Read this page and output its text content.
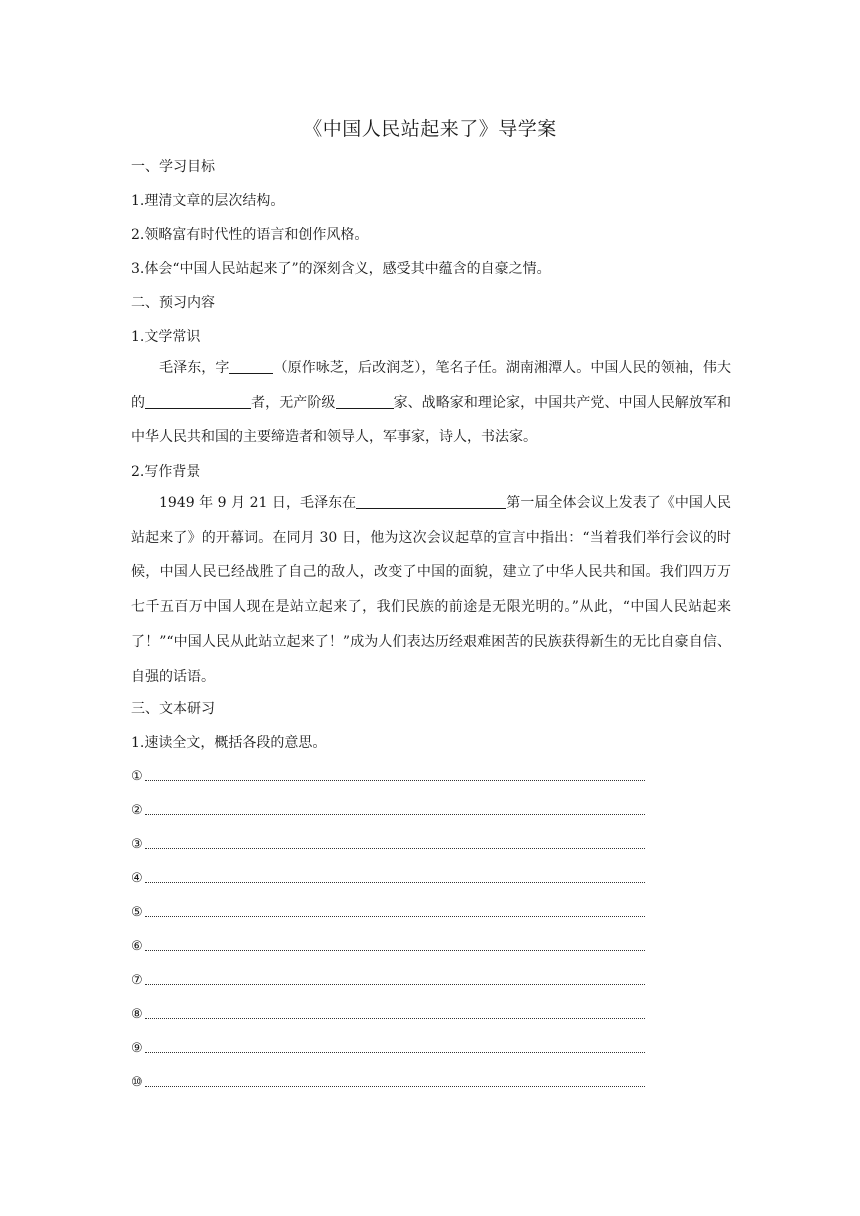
《中国人民站起来了》导学案
一、学习目标
1.理清文章的层次结构。
2.领略富有时代性的语言和创作风格。
3.体会“中国人民站起来了”的深刻含义，感受其中蕴含的自豪之情。
二、预习内容
1.文学常识
毛泽东，字	（原作咏芝，后改润芝），笔名子任。湖南湘潭人。中国人民的领袖，伟大的	者，无产阶级	家、战略家和理论家，中国共产党、中国人民解放军和中华人民共和国的主要缔造者和领导人，军事家，诗人，书法家。
2.写作背景
1949 年 9 月 21 日，毛泽东在	第一届全体会议上发表了《中国人民站起来了》的开幕词。在同月 30 日，他为这次会议起草的宣言中指出：“当着我们举行会议的时候，中国人民已经战胜了自己的敌人，改变了中国的面貌，建立了中华人民共和国。我们四万万七千五百万中国人现在是站立起来了，我们民族的前途是无限光明的。”从此，“中国人民站起来了！”“中国人民从此站立起来了！”成为人们表达历经艰难困苦的民族获得新生的无比自豪自信、自强的话语。
三、文本研习
1.速读全文，概括各段的意思。
①
②
③
④
⑤
⑥
⑦
⑧
⑨
⑩
